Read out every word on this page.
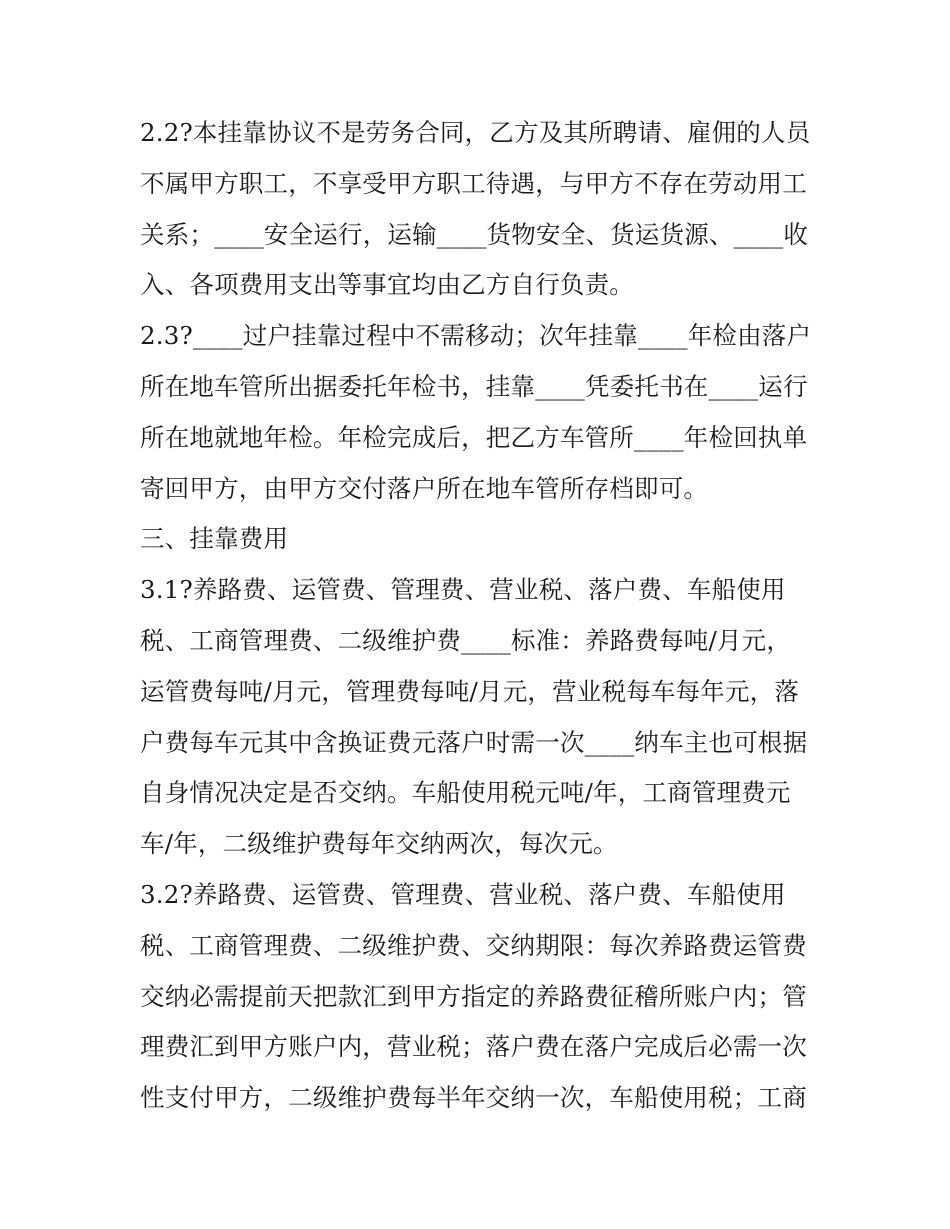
2.2?本挂靠协议不是劳务合同，乙方及其所聘请、雇佣的人员
不属甲方职工，不享受甲方职工待遇，与甲方不存在劳动用工
关系；____安全运行，运输____货物安全、货运货源、____收
入、各项费用支出等事宜均由乙方自行负责。
2.3?____过户挂靠过程中不需移动；次年挂靠____年检由落户
所在地车管所出据委托年检书，挂靠____凭委托书在____运行
所在地就地年检。年检完成后，把乙方车管所____年检回执单
寄回甲方，由甲方交付落户所在地车管所存档即可。
三、挂靠费用
3.1?养路费、运管费、管理费、营业税、落户费、车船使用
税、工商管理费、二级维护费____标准：养路费每吨/月元，
运管费每吨/月元，管理费每吨/月元，营业税每车每年元，落
户费每车元其中含换证费元落户时需一次____纳车主也可根据
自身情况决定是否交纳。车船使用税元吨/年，工商管理费元
车/年，二级维护费每年交纳两次，每次元。
3.2?养路费、运管费、管理费、营业税、落户费、车船使用
税、工商管理费、二级维护费、交纳期限：每次养路费运管费
交纳必需提前天把款汇到甲方指定的养路费征稽所账户内；管
理费汇到甲方账户内，营业税；落户费在落户完成后必需一次
性支付甲方，二级维护费每半年交纳一次，车船使用税；工商
